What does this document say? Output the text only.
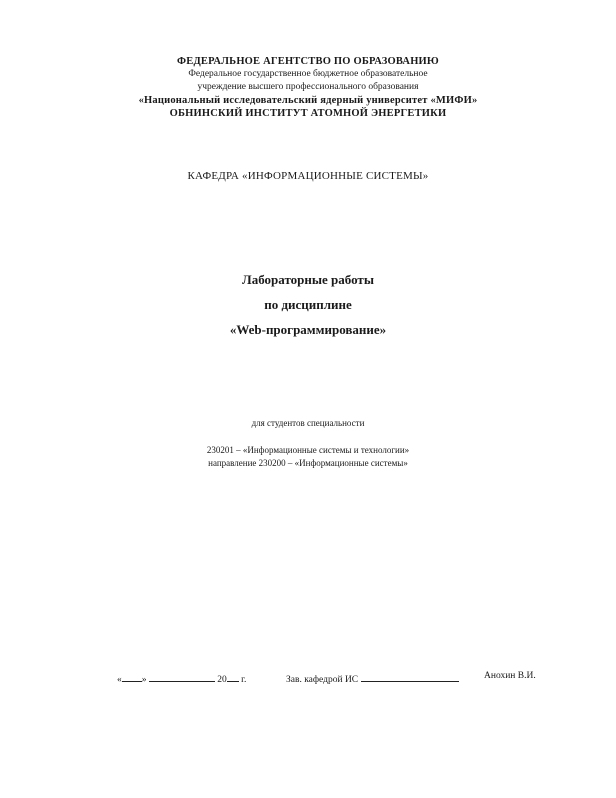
ФЕДЕРАЛЬНОЕ АГЕНТСТВО ПО ОБРАЗОВАНИЮ
Федеральное государственное бюджетное образовательное
учреждение высшего профессионального образования
«Национальный исследовательский ядерный университет «МИФИ»
ОБНИНСКИЙ ИНСТИТУТ АТОМНОЙ ЭНЕРГЕТИКИ
КАФЕДРА «ИНФОРМАЦИОННЫЕ СИСТЕМЫ»
Лабораторные работы
по дисциплине
«Web-программирование»
для студентов специальности
230201 – «Информационные системы и технологии»
направление 230200 – «Информационные системы»
« »	20 г.	Зав. кафедрой ИС	Анохин В.И.
